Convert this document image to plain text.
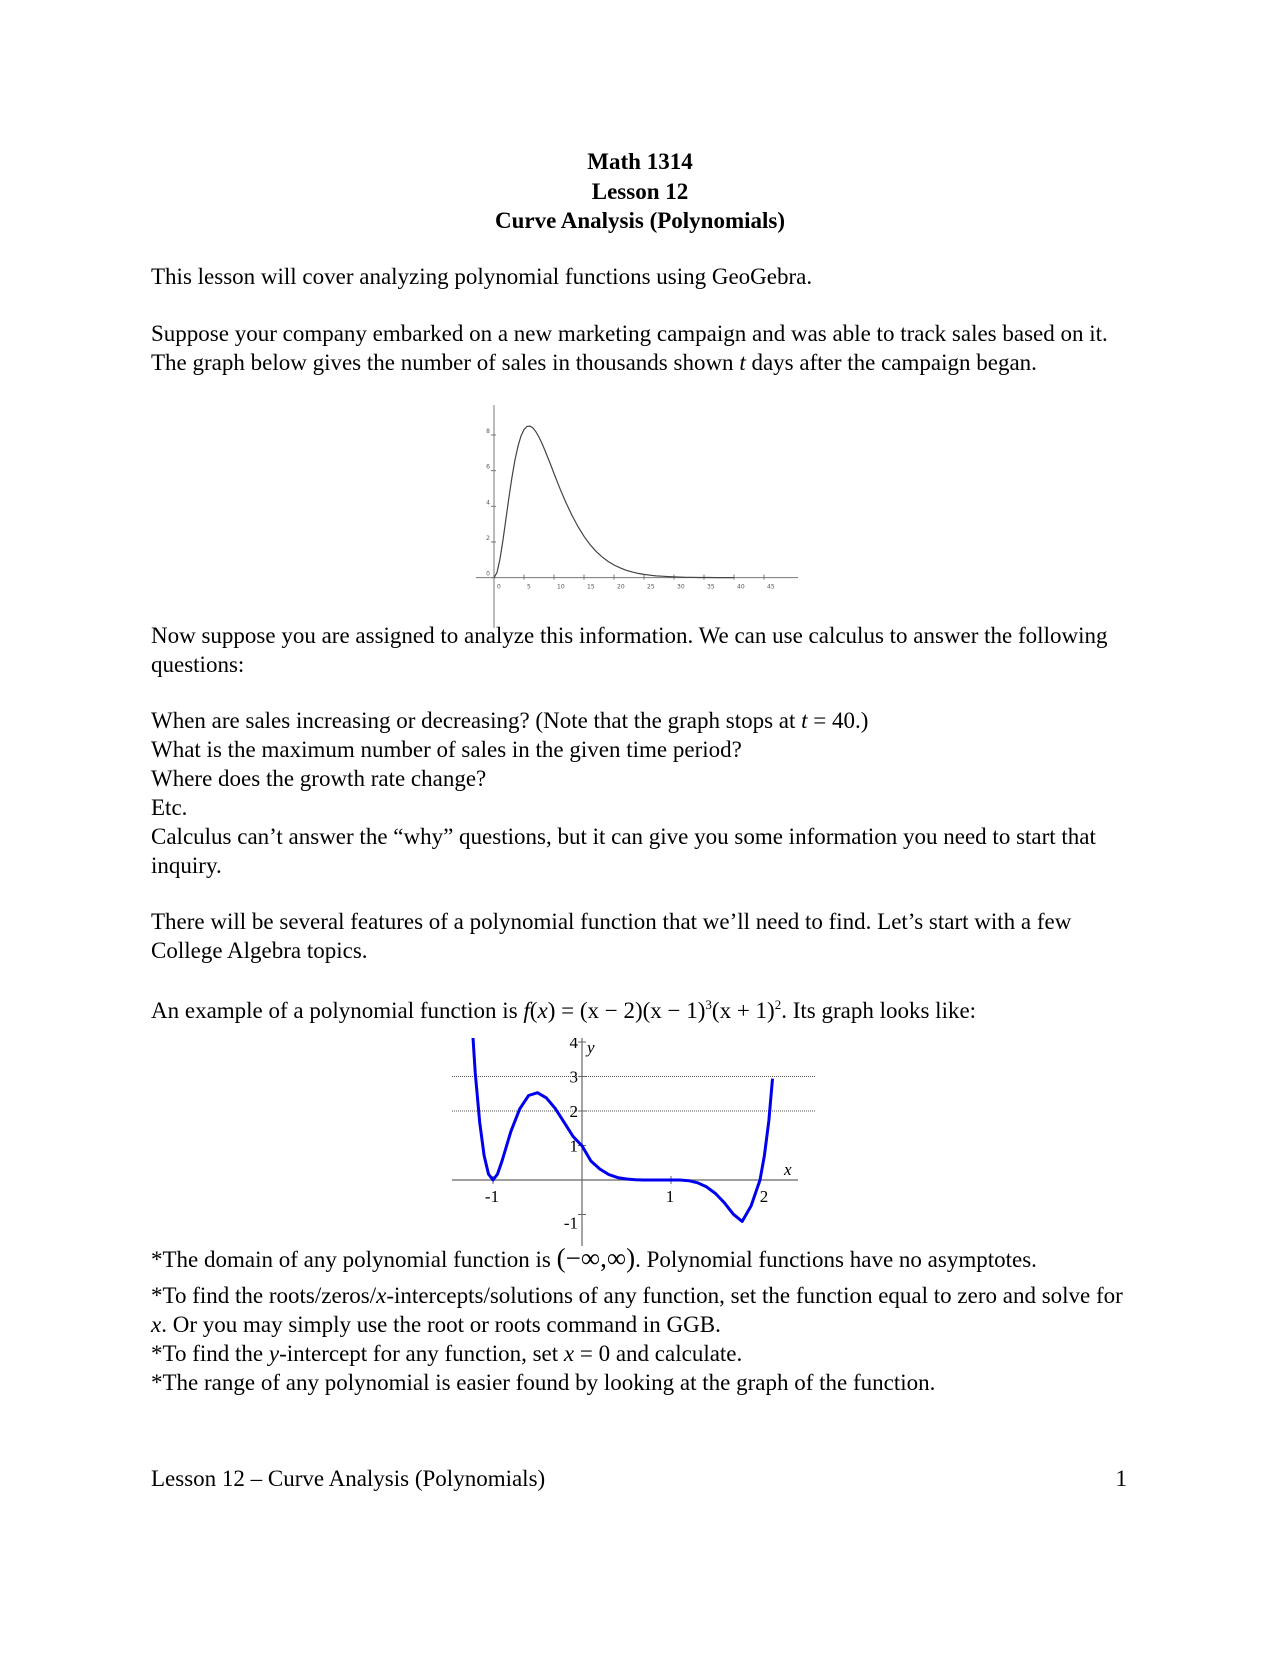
Math 1314
Lesson 12
Curve Analysis (Polynomials)

This lesson will cover analyzing polynomial functions using GeoGebra.

Suppose your company embarked on a new marketing campaign and was able to track sales based on it. The graph below gives the number of sales in thousands shown t days after the campaign began.

0	5	10	15	20	25	30	35	40	45
0
2
4
6
8

Now suppose you are assigned to analyze this information. We can use calculus to answer the following questions:

When are sales increasing or decreasing? (Note that the graph stops at t = 40.)
What is the maximum number of sales in the given time period?
Where does the growth rate change?
Etc.
Calculus can’t answer the “why” questions, but it can give you some information you need to start that inquiry.

There will be several features of a polynomial function that we’ll need to find. Let’s start with a few College Algebra topics.

An example of a polynomial function is $f(x) = (x - 2)(x - 1)^3(x + 1)^2$. Its graph looks like:

x
y
-1	1	2
-1
1
2
3
4
*The domain of any polynomial function is (−∞,∞). Polynomial functions have no asymptotes.
*To find the roots/zeros/x-intercepts/solutions of any function, set the function equal to zero and solve for x. Or you may simply use the root or roots command in GGB.
*To find the y-intercept for any function, set x = 0 and calculate.
*The range of any polynomial is easier found by looking at the graph of the function.
Lesson 12 – Curve Analysis (Polynomials)	1
